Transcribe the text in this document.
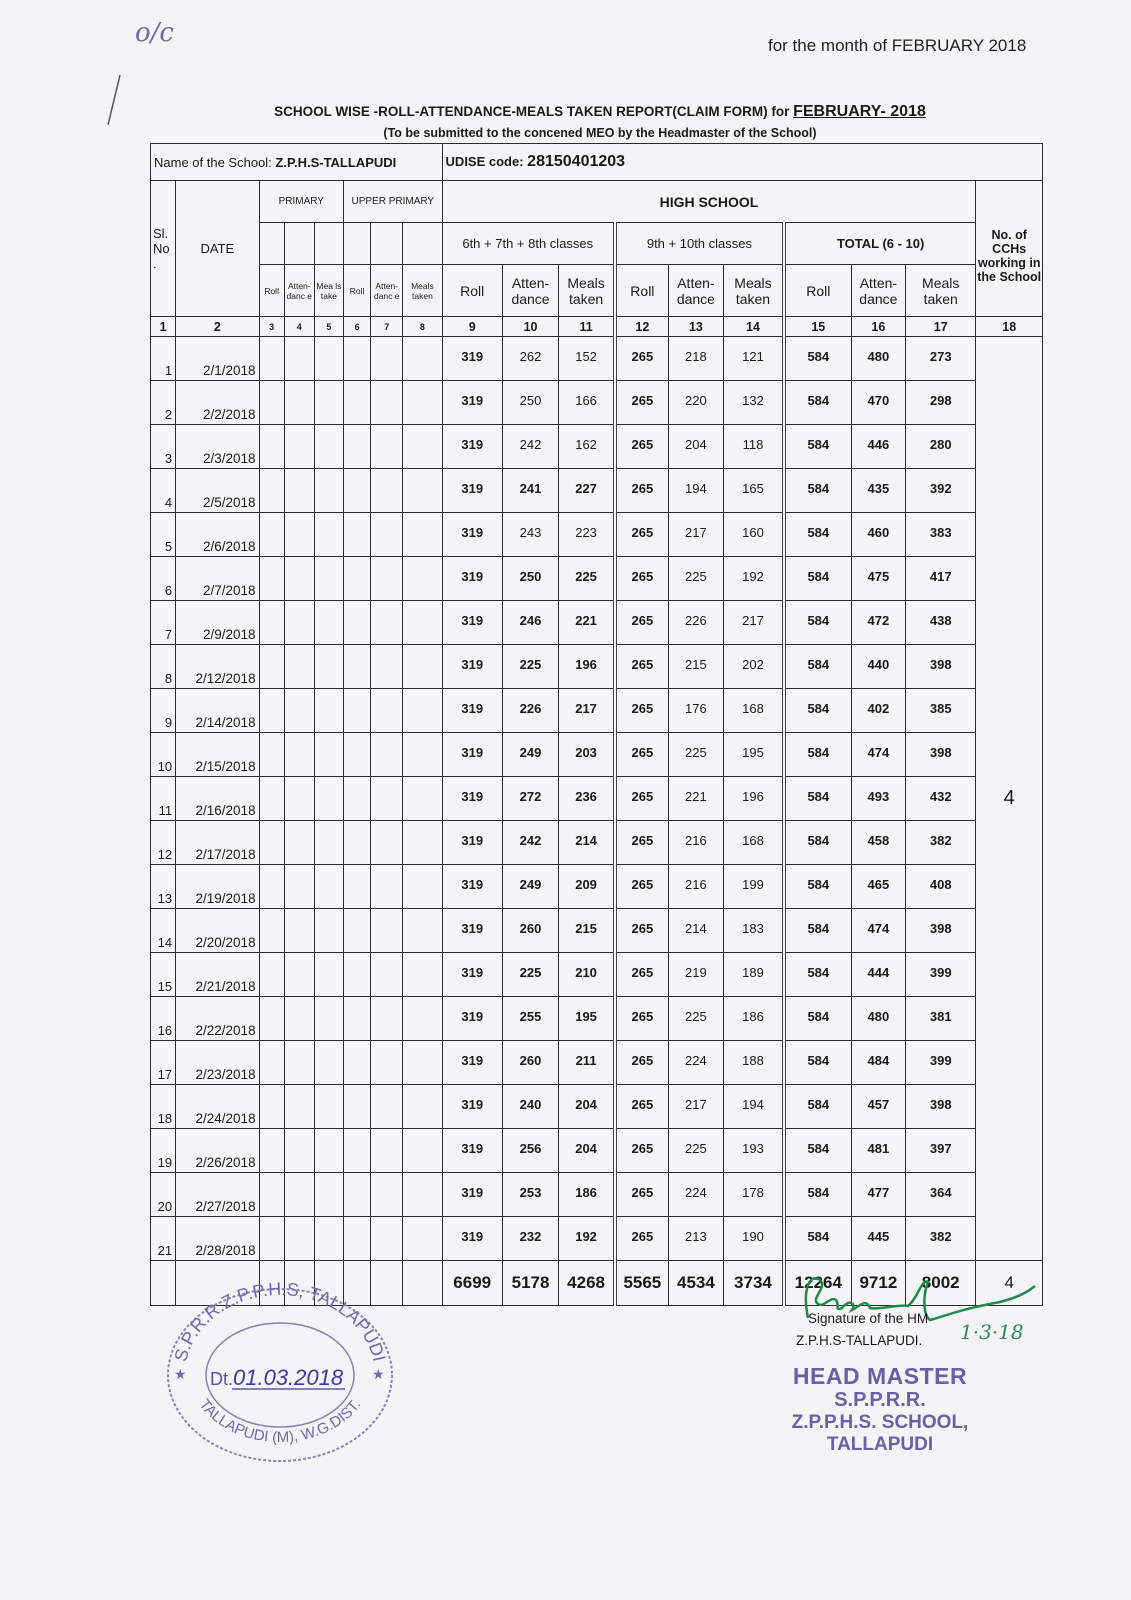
o/c	for the month of FEBRUARY 2018
SCHOOL WISE -ROLL-ATTENDANCE-MEALS TAKEN REPORT(CLAIM FORM) for FEBRUARY- 2018
(To be submitted to the concened MEO by the Headmaster of the School)
Name of the School: Z.P.H.S-TALLAPUDI								UDISE code: 28150401203									
Sl. No .	DATE	PRIMARY			UPPER PRIMARY			HIGH SCHOOL									No. of CCHs working in the School
								6th + 7th + 8th classes			9th + 10th classes			TOTAL (6 - 10)			
		Roll	Atten-danc e	Mea ls take	Roll	Atten-danc e	Meals taken	Roll	Atten-dance	Meals taken	Roll	Atten-dance	Meals taken	Roll	Atten-dance	Meals taken	
1	2	3	4	5	6	7	8	9	10	11	12	13	14	15	16	17	18
1	2/1/2018							319	262	152	265	218	121	584	480	273	4
2	2/2/2018							319	250	166	265	220	132	584	470	298	
3	2/3/2018							319	242	162	265	204	118	584	446	280	
4	2/5/2018							319	241	227	265	194	165	584	435	392	
5	2/6/2018							319	243	223	265	217	160	584	460	383	
6	2/7/2018							319	250	225	265	225	192	584	475	417	
7	2/9/2018							319	246	221	265	226	217	584	472	438	
8	2/12/2018							319	225	196	265	215	202	584	440	398	
9	2/14/2018							319	226	217	265	176	168	584	402	385	
10	2/15/2018							319	249	203	265	225	195	584	474	398	
11	2/16/2018							319	272	236	265	221	196	584	493	432	
12	2/17/2018							319	242	214	265	216	168	584	458	382	
13	2/19/2018							319	249	209	265	216	199	584	465	408	
14	2/20/2018							319	260	215	265	214	183	584	474	398	
15	2/21/2018							319	225	210	265	219	189	584	444	399	
16	2/22/2018							319	255	195	265	225	186	584	480	381	
17	2/23/2018							319	260	211	265	224	188	584	484	399	
18	2/24/2018							319	240	204	265	217	194	584	457	398	
19	2/26/2018							319	256	204	265	225	193	584	481	397	
20	2/27/2018							319	253	186	265	224	178	584	477	364	
21	2/28/2018							319	232	192	265	213	190	584	445	382	
								6699	5178	4268	5565	4534	3734	12264	9712	8002	4
S.P.R.R.Z.P.P.H.S, TALLAPUDI
TALLAPUDI (M), W.G.DIST.
★	★
Dt. 01.03.2018
Signature of the HM
Z.P.H.S-TALLAPUDI. 1·3·18
HEAD MASTER
S.P.P.R.R.
Z.P.P.H.S. SCHOOL, TALLAPUDI
